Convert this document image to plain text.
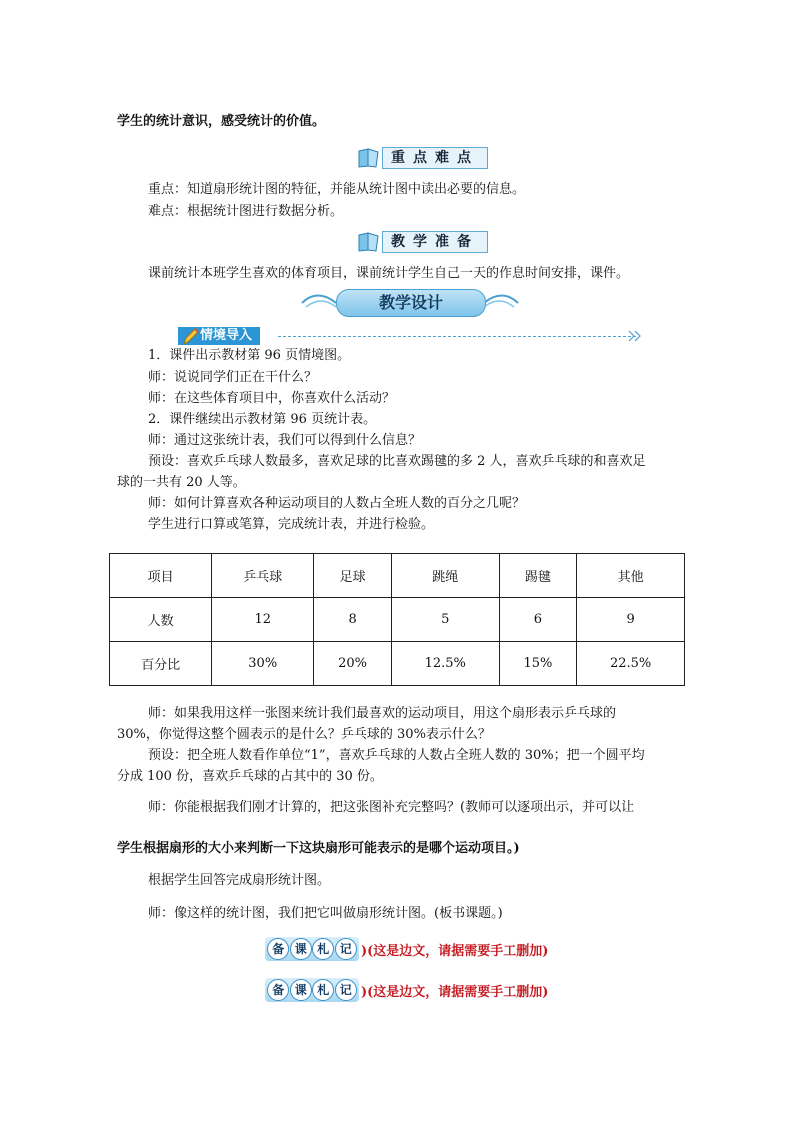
学生的统计意识，感受统计的价值。
重点难点
重点：知道扇形统计图的特征，并能从统计图中读出必要的信息。
难点：根据统计图进行数据分析。
教学准备
课前统计本班学生喜欢的体育项目，课前统计学生自己一天的作息时间安排，课件。
教学设计
情境导入
1．课件出示教材第 96 页情境图。
师：说说同学们正在干什么？
师：在这些体育项目中，你喜欢什么活动？
2．课件继续出示教材第 96 页统计表。
师：通过这张统计表，我们可以得到什么信息？
预设：喜欢乒乓球人数最多，喜欢足球的比喜欢踢毽的多 2 人，喜欢乒乓球的和喜欢足
球的一共有 20 人等。
师：如何计算喜欢各种运动项目的人数占全班人数的百分之几呢？
学生进行口算或笔算，完成统计表，并进行检验。
项目	乒乓球	足球	跳绳	踢毽	其他
人数	12	8	5	6	9
百分比	30%	20%	12.5%	15%	22.5%
师：如果我用这样一张图来统计我们最喜欢的运动项目，用这个扇形表示乒乓球的
30%，你觉得这整个圆表示的是什么？乒乓球的 30%表示什么？
预设：把全班人数看作单位“1”，喜欢乒乓球的人数占全班人数的 30%；把一个圆平均
分成 100 份，喜欢乒乓球的占其中的 30 份。
师：你能根据我们刚才计算的，把这张图补充完整吗？(教师可以逐项出示，并可以让
学生根据扇形的大小来判断一下这块扇形可能表示的是哪个运动项目。)
根据学生回答完成扇形统计图。
师：像这样的统计图，我们把它叫做扇形统计图。(板书课题。)
备 课 札 记 )(这是边文，请据需要手工删加)
备 课 札 记 )(这是边文，请据需要手工删加)
